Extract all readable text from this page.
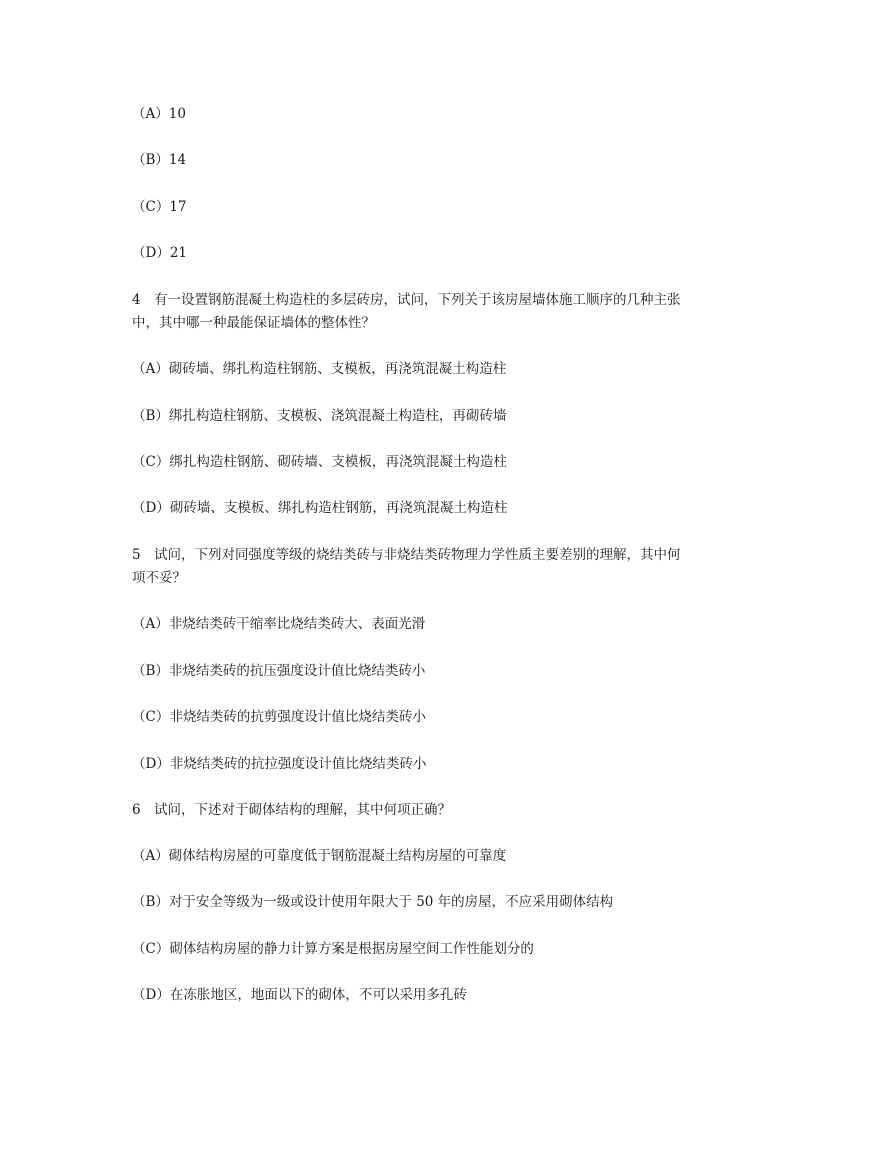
（A）10
（B）14
（C）17
（D）21
4 有一设置钢筋混凝土构造柱的多层砖房，试问，下列关于该房屋墙体施工顺序的几种主张
中，其中哪一种最能保证墙体的整体性？
（A）砌砖墙、绑扎构造柱钢筋、支模板，再浇筑混凝土构造柱
（B）绑扎构造柱钢筋、支模板、浇筑混凝土构造柱，再砌砖墙
（C）绑扎构造柱钢筋、砌砖墙、支模板，再浇筑混凝土构造柱
（D）砌砖墙、支模板、绑扎构造柱钢筋，再浇筑混凝土构造柱
5 试问，下列对同强度等级的烧结类砖与非烧结类砖物理力学性质主要差别的理解，其中何
项不妥？
（A）非烧结类砖干缩率比烧结类砖大、表面光滑
（B）非烧结类砖的抗压强度设计值比烧结类砖小
（C）非烧结类砖的抗剪强度设计值比烧结类砖小
（D）非烧结类砖的抗拉强度设计值比烧结类砖小
6 试问，下述对于砌体结构的理解，其中何项正确？
（A）砌体结构房屋的可靠度低于钢筋混凝土结构房屋的可靠度
（B）对于安全等级为一级或设计使用年限大于 50 年的房屋，不应采用砌体结构
（C）砌体结构房屋的静力计算方案是根据房屋空间工作性能划分的
（D）在冻胀地区，地面以下的砌体，不可以采用多孔砖
